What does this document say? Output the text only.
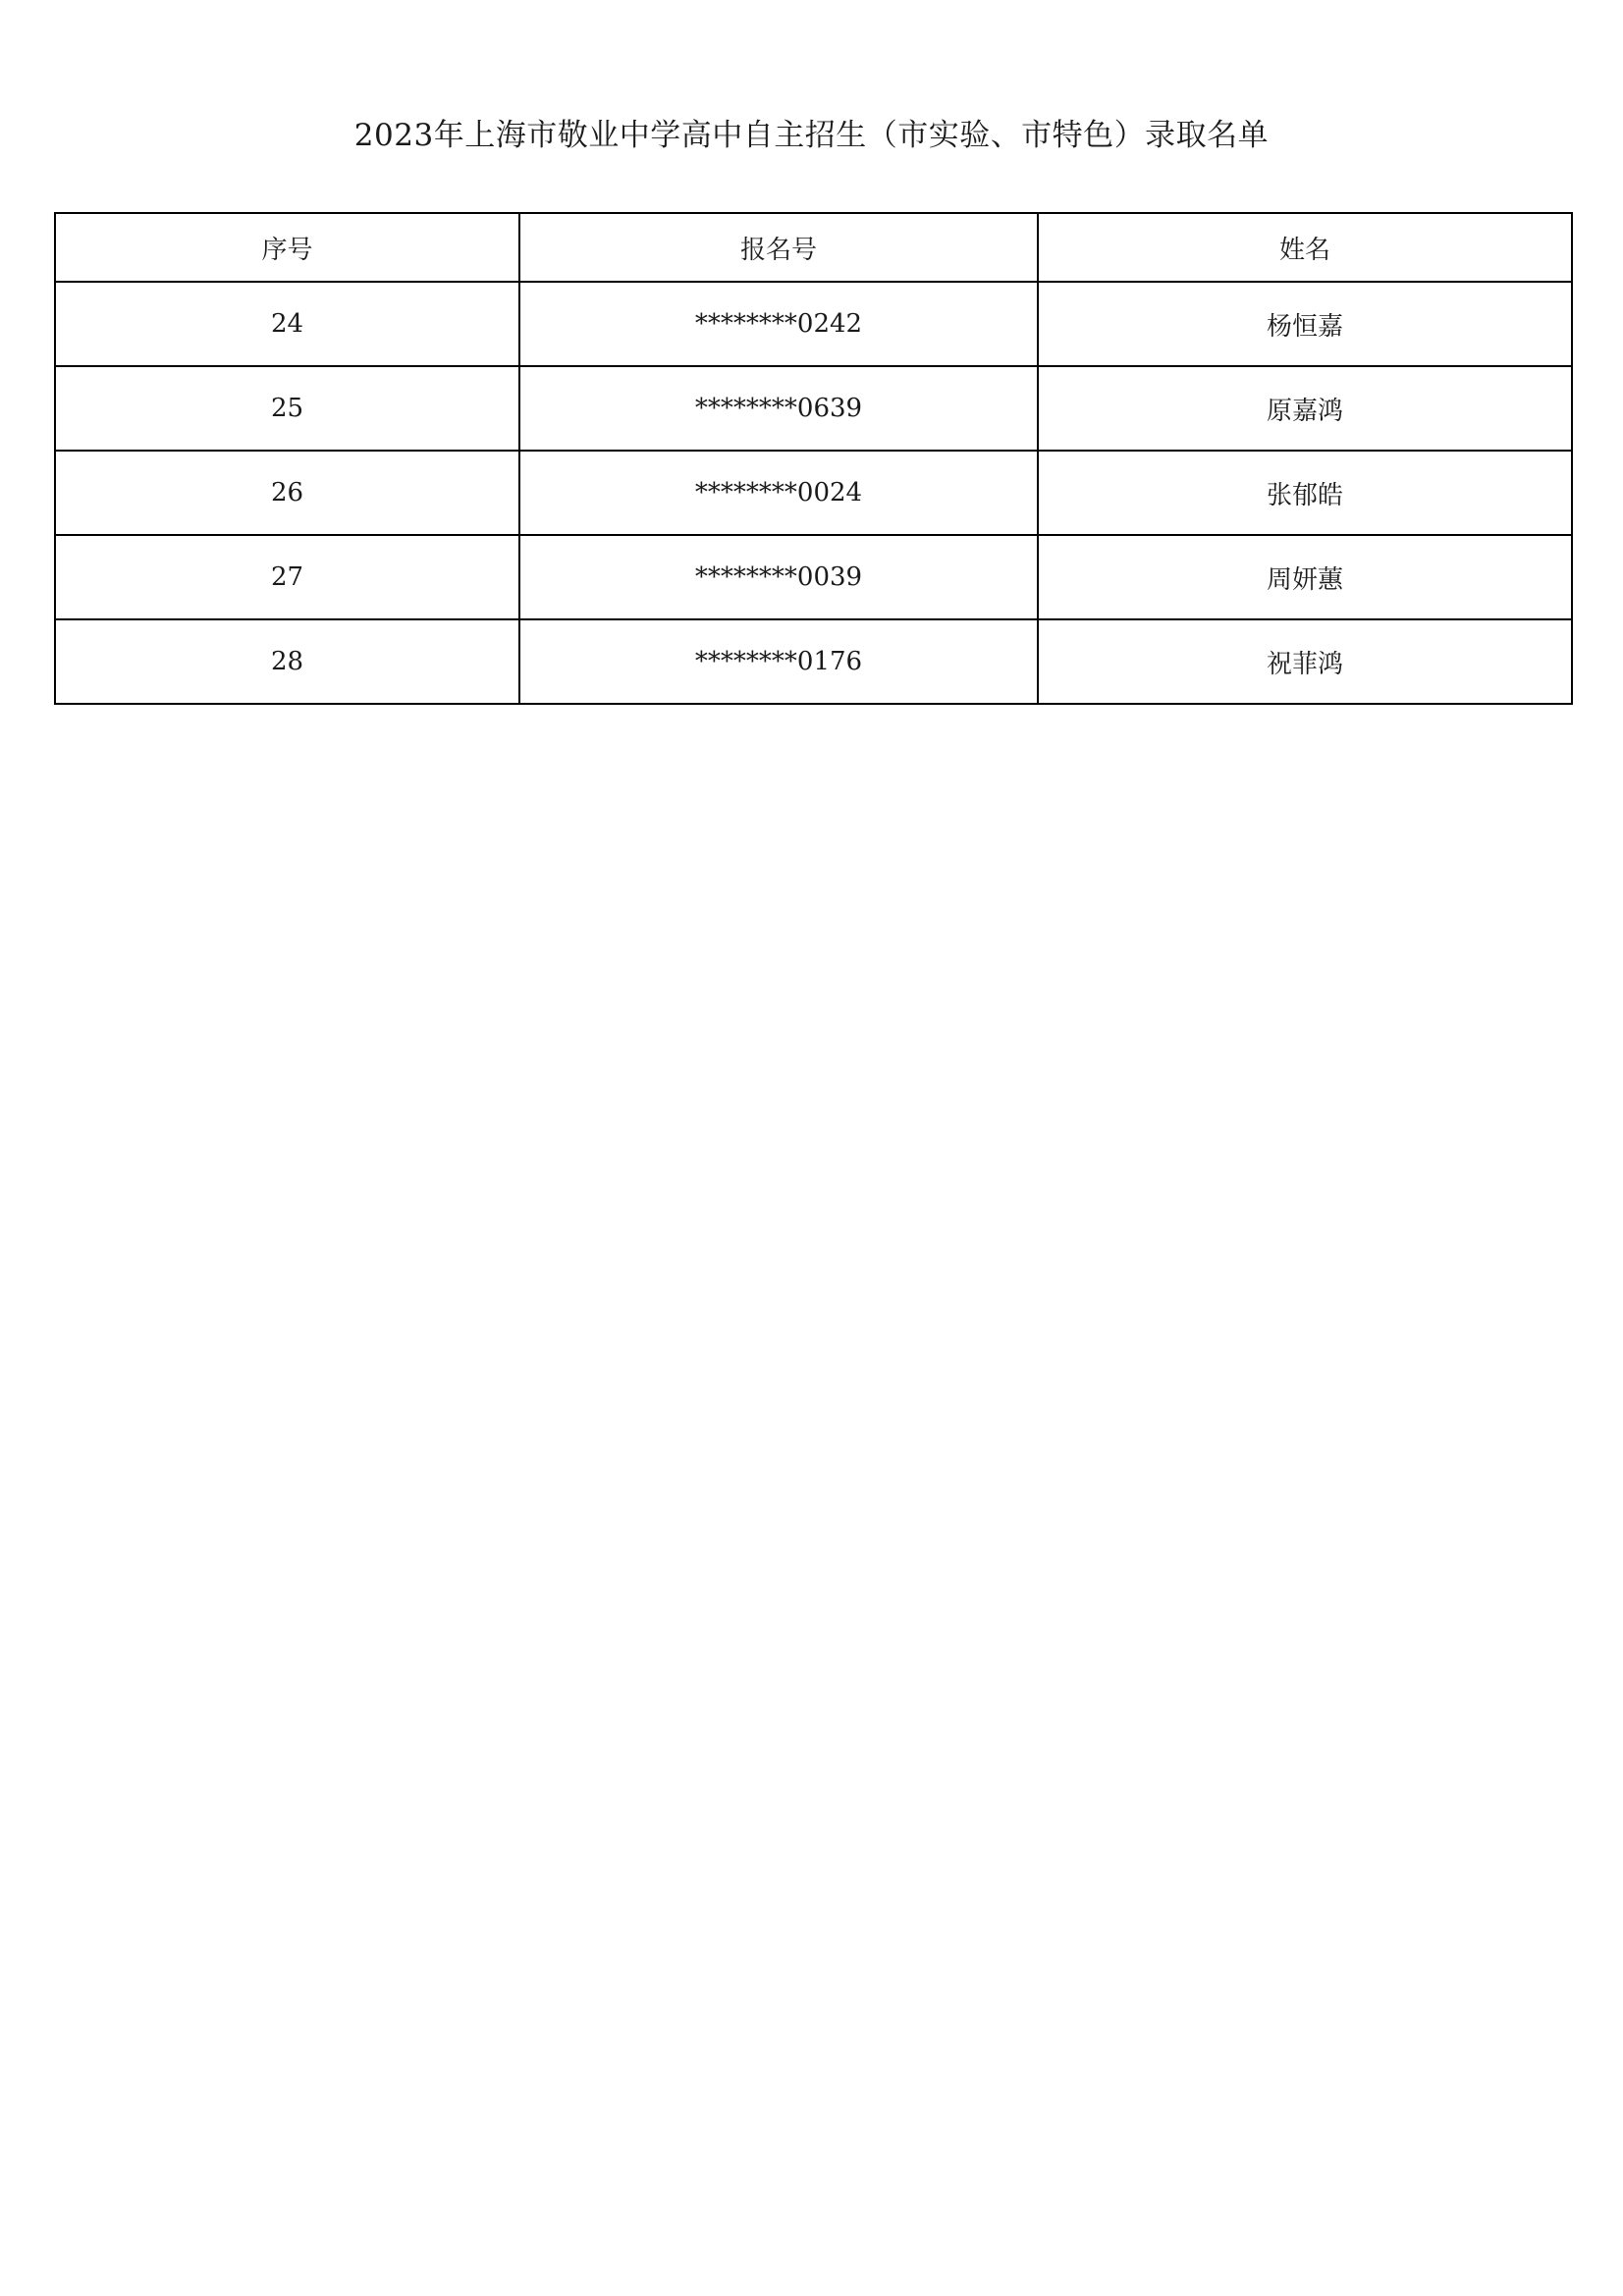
2023年上海市敬业中学高中自主招生（市实验、市特色）录取名单
序号	报名号	姓名
24	********0242	杨恒嘉
25	********0639	原嘉鸿
26	********0024	张郁皓
27	********0039	周妍蕙
28	********0176	祝菲鸿
